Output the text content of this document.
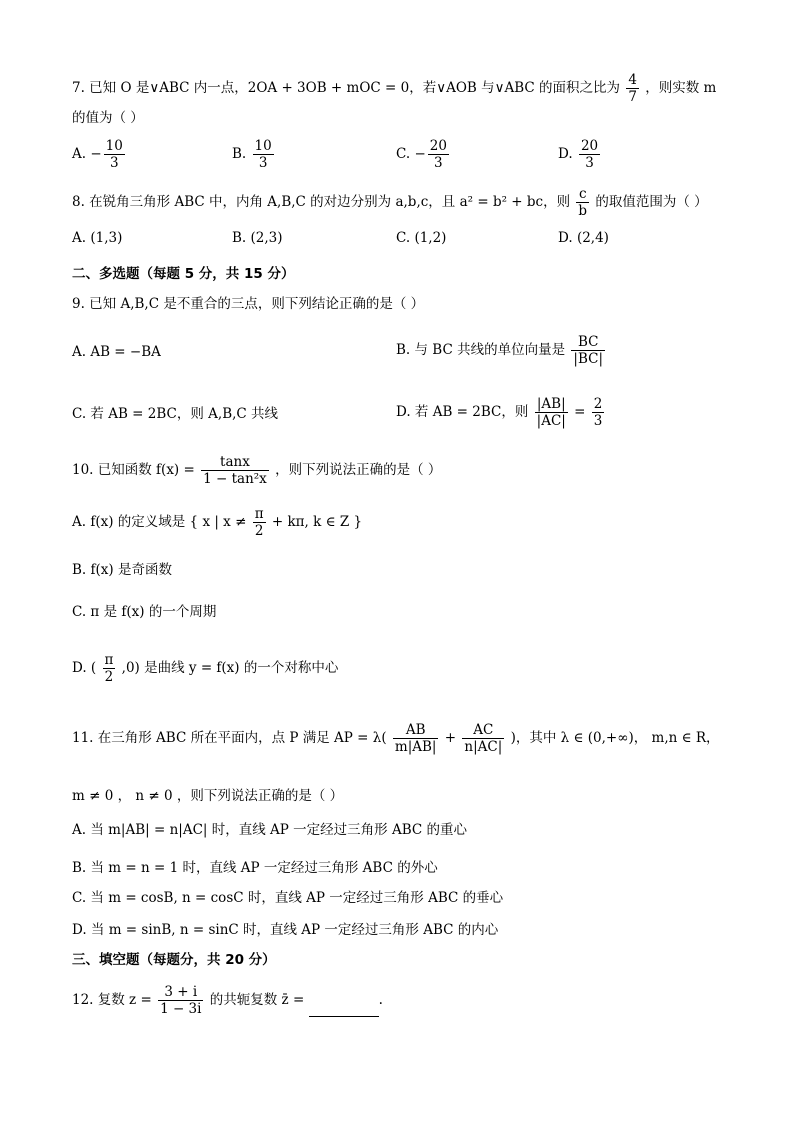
7. 已知 O 是∨ABC 内一点，2OA + 3OB + mOC = 0，若∨AOB 与∨ABC 的面积之比为 $\frac{4}{7}$ ，则实数 m
的值为（ ）
A. − $\frac{10}{3}$	B. $\frac{10}{3}$	C. − $\frac{20}{3}$	D. $\frac{20}{3}$
8. 在锐角三角形 ABC 中，内角 A,B,C 的对边分别为 a,b,c，且 a² = b² + bc，则 $\frac{c}{b}$ 的取值范围为（ ）
A. (1,3)	B. (2,3)	C. (1,2)	D. (2,4)
二、多选题（每题 5 分，共 15 分）
9. 已知 A,B,C 是不重合的三点，则下列结论正确的是（ ）
A. AB = −BA	B. 与 BC 共线的单位向量是 $\frac{BC}{|BC|}$
C. 若 AB = 2BC，则 A,B,C 共线	D. 若 AB = 2BC，则 $\frac{|AB|}{|AC|} = \frac{2}{3}$
10. 已知函数 $f(x) = \frac{\tan x}{\text{1 − tan²x}}$ ，则下列说法正确的是（ ）
A. f(x) 的定义域是 { x | $x \ne \frac{\pi}{2} + k\pi$, k ∈ Z }
B. f(x) 是奇函数
C. π 是 f(x) 的一个周期
D. ( $\frac{\pi}{2} ,0$) 是曲线 y = f(x) 的一个对称中心
11. 在三角形 ABC 所在平面内，点 P 满足 AP = $\lambda( \frac{AB}{m|AB|} + \frac{AC}{n|AC|}$ )，其中 λ ∈ (0,+∞)， m,n ∈ R，
m ≠ 0 ， n ≠ 0 ，则下列说法正确的是（ ）
A. 当 m|AB| = n|AC| 时，直线 AP 一定经过三角形 ABC 的重心
B. 当 m = n = 1 时，直线 AP 一定经过三角形 ABC 的外心
C. 当 m = cosB, n = cosC 时，直线 AP 一定经过三角形 ABC 的垂心
D. 当 m = sinB, n = sinC 时，直线 AP 一定经过三角形 ABC 的内心
三、填空题（每题分，共 20 分）
12. 复数 $z = \frac{3 + i}{1 - 3i}$ 的共轭复数 z̄ =	.
